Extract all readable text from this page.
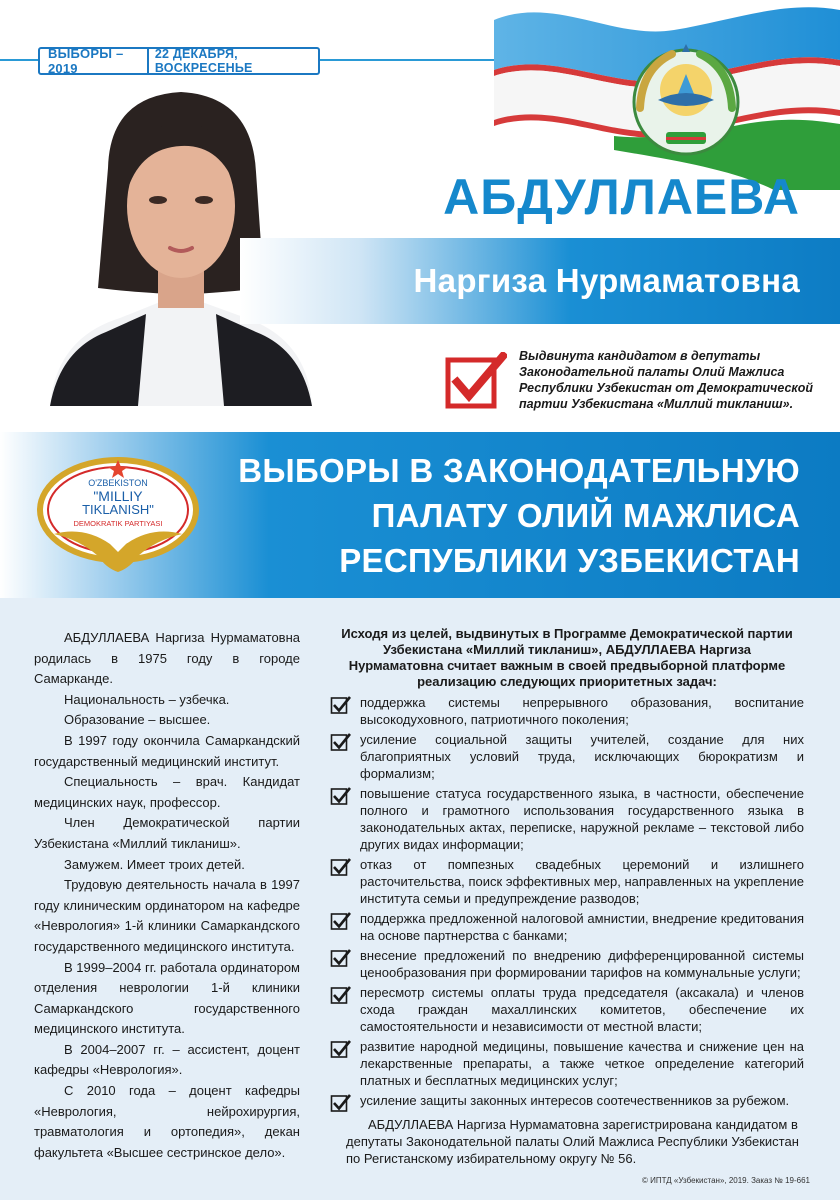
ВЫБОРЫ – 2019
22 ДЕКАБРЯ, ВОСКРЕСЕНЬЕ
АБДУЛЛАЕВА
Наргиза Нурмаматовна
Выдвинута кандидатом в депутаты Законодательной палаты Олий Мажлиса Республики Узбекистан от Демократической партии Узбекистана «Миллий тикланиш».
ВЫБОРЫ В ЗАКОНОДАТЕЛЬНУЮ
ПАЛАТУ ОЛИЙ МАЖЛИСА
РЕСПУБЛИКИ УЗБЕКИСТАН
O'ZBEKISTON
"MILLIY
TIKLANISH"
DEMOKRATIK PARTIYASI

АБДУЛЛАЕВА Наргиза Нурмаматовна родилась в 1975 году в городе Самарканде.

Национальность – узбечка.

Образование – высшее.

В 1997 году окончила Самаркандский государственный медицинский институт.

Специальность – врач. Кандидат медицинских наук, профессор.

Член Демократической партии Узбекистана «Миллий тикланиш».

Замужем. Имеет троих детей.

Трудовую деятельность начала в 1997 году клиническим ординатором на кафедре «Неврология» 1-й клиники Самаркандского государственного медицинского института.

В 1999–2004 гг. работала ординатором отделения неврологии 1-й клиники Самаркандского государственного медицинского института.

В 2004–2007 гг. – ассистент, доцент кафедры «Неврология».

С 2010 года – доцент кафедры «Неврология, нейрохирургия, травматология и ортопедия», декан факультета «Высшее сестринское дело».

Исходя из целей, выдвинутых в Программе Демократической партии Узбекистана «Миллий тикланиш», АБДУЛЛАЕВА Наргиза Нурмаматовна считает важным в своей предвыборной платформе реализацию следующих приоритетных задач:
поддержка системы непрерывного образования, воспитание высокодуховного, патриотичного поколения;
усиление социальной защиты учителей, создание для них благоприятных условий труда, исключающих бюрократизм и формализм;
повышение статуса государственного языка, в частности, обеспечение полного и грамотного использования государственного языка в законодательных актах, переписке, наружной рекламе – текстовой либо других видах информации;
отказ от помпезных свадебных церемоний и излишнего расточительства, поиск эффективных мер, направленных на укрепление института семьи и предупреждение разводов;
поддержка предложенной налоговой амнистии, внедрение кредитования на основе партнерства с банками;
внесение предложений по внедрению дифференцированной системы ценообразования при формировании тарифов на коммунальные услуги;
пересмотр системы оплаты труда председателя (аксакала) и членов схода граждан махаллинских комитетов, обеспечение их самостоятельности и независимости от местной власти;
развитие народной медицины, повышение качества и снижение цен на лекарственные препараты, а также четкое определение категорий платных и бесплатных медицинских услуг;
усиление защиты законных интересов соотечественников за рубежом.
АБДУЛЛАЕВА Наргиза Нурмаматовна зарегистрирована кандидатом в депутаты Законодательной палаты Олий Мажлиса Республики Узбекистан по Регистанскому избирательному округу № 56.
© ИПТД «Узбекистан», 2019. Заказ № 19-661
